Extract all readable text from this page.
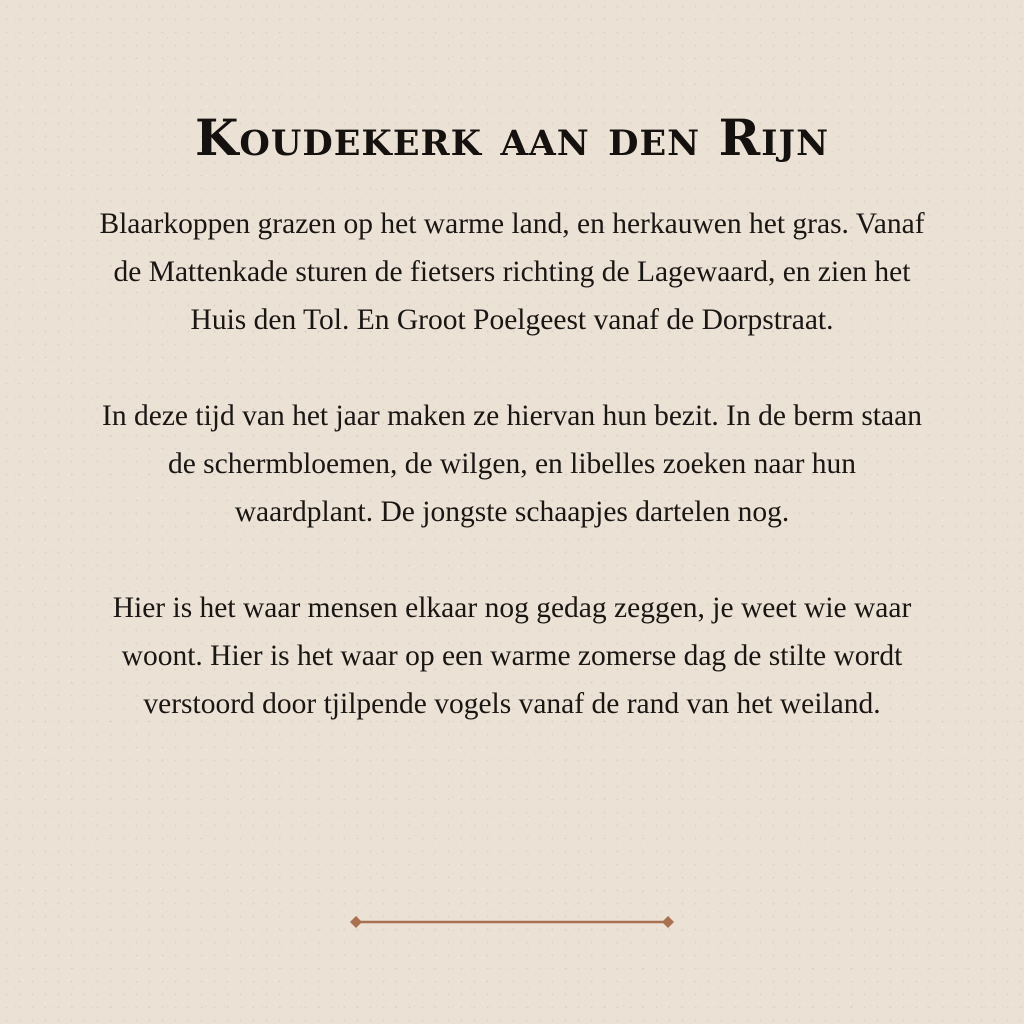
Koudekerk aan den Rijn

Blaarkoppen grazen op het warme land, en herkauwen het gras. Vanaf de Mattenkade sturen de fietsers richting de Lagewaard, en zien het Huis den Tol. En Groot Poelgeest vanaf de Dorpstraat.

In deze tijd van het jaar maken ze hiervan hun bezit. In de berm staan de schermbloemen, de wilgen, en libelles zoeken naar hun waardplant. De jongste schaapjes dartelen nog.

Hier is het waar mensen elkaar nog gedag zeggen, je weet wie waar woont. Hier is het waar op een warme zomerse dag de stilte wordt verstoord door tjilpende vogels vanaf de rand van het weiland.
